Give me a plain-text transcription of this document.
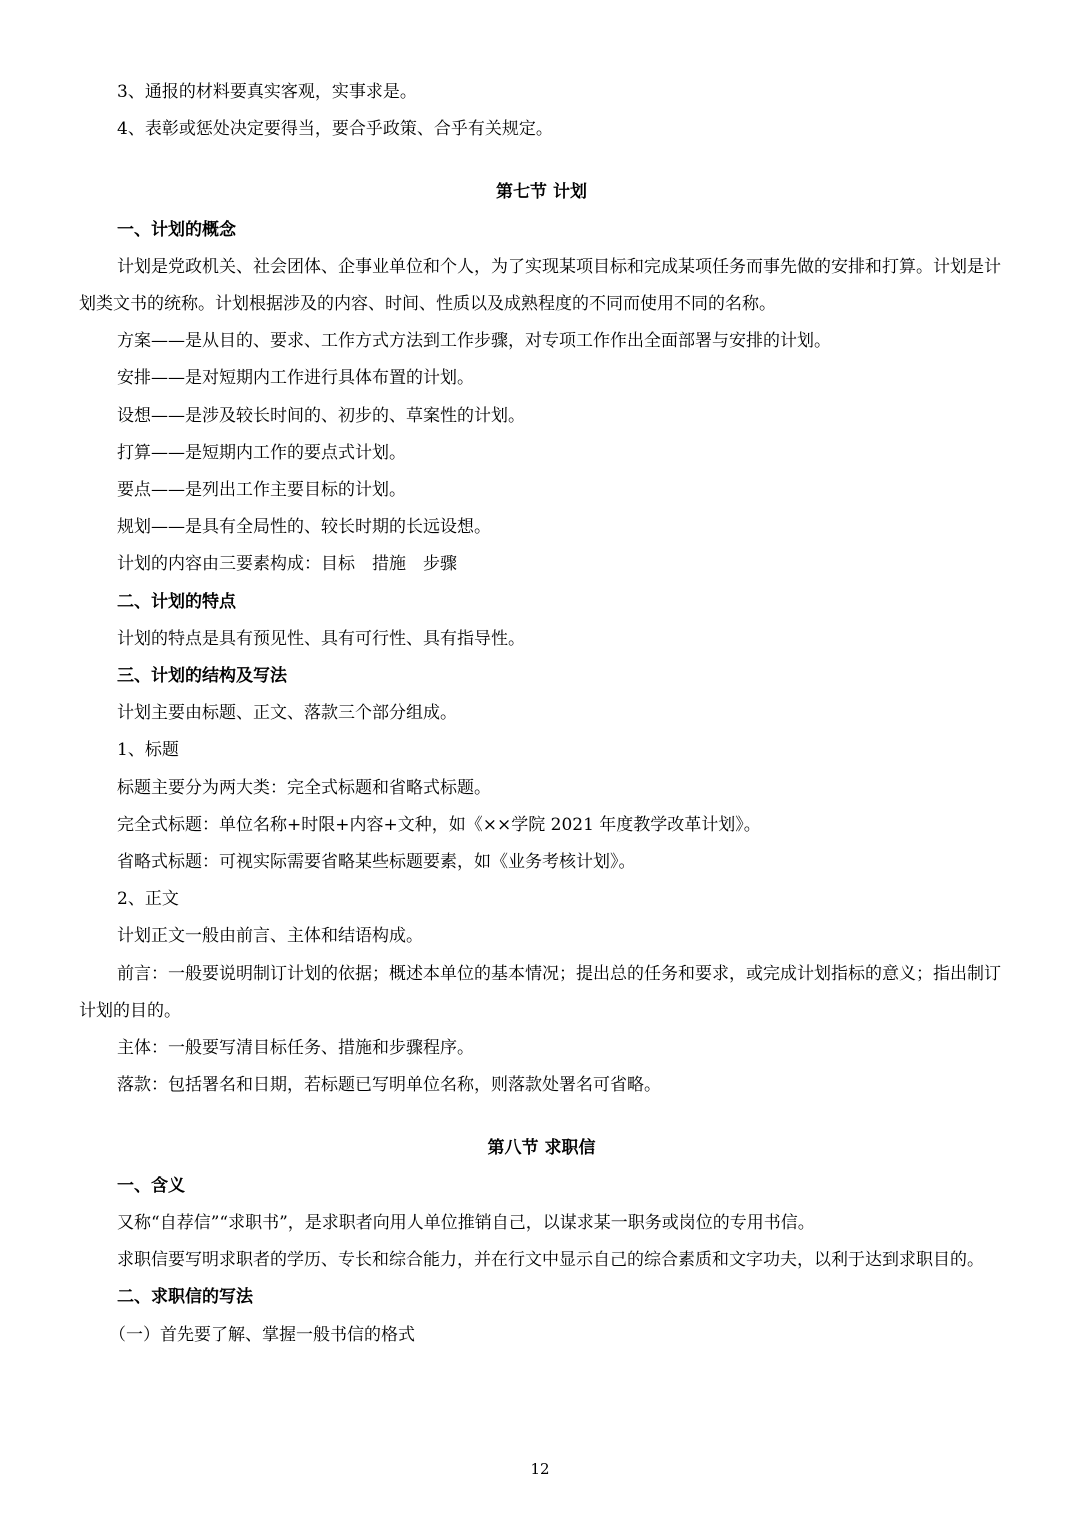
3、通报的材料要真实客观，实事求是。

4、表彰或惩处决定要得当，要合乎政策、合乎有关规定。

第七节 计划

一、计划的概念

计划是党政机关、社会团体、企事业单位和个人，为了实现某项目标和完成某项任务而事先做的安排和打算。计划是计划类文书的统称。计划根据涉及的内容、时间、性质以及成熟程度的不同而使用不同的名称。

方案——是从目的、要求、工作方式方法到工作步骤，对专项工作作出全面部署与安排的计划。

安排——是对短期内工作进行具体布置的计划。

设想——是涉及较长时间的、初步的、草案性的计划。

打算——是短期内工作的要点式计划。

要点——是列出工作主要目标的计划。

规划——是具有全局性的、较长时期的长远设想。

计划的内容由三要素构成：目标　措施　步骤

二、计划的特点

计划的特点是具有预见性、具有可行性、具有指导性。

三、计划的结构及写法

计划主要由标题、正文、落款三个部分组成。

1、标题

标题主要分为两大类：完全式标题和省略式标题。

完全式标题：单位名称+时限+内容+文种，如《××学院 2021 年度教学改革计划》。

省略式标题：可视实际需要省略某些标题要素，如《业务考核计划》。

2、正文

计划正文一般由前言、主体和结语构成。

前言：一般要说明制订计划的依据；概述本单位的基本情况；提出总的任务和要求，或完成计划指标的意义；指出制订计划的目的。

主体：一般要写清目标任务、措施和步骤程序。

落款：包括署名和日期，若标题已写明单位名称，则落款处署名可省略。

第八节 求职信

一、含义

又称“自荐信”“求职书”，是求职者向用人单位推销自己，以谋求某一职务或岗位的专用书信。

求职信要写明求职者的学历、专长和综合能力，并在行文中显示自己的综合素质和文字功夫，以利于达到求职目的。

二、求职信的写法

（一）首先要了解、掌握一般书信的格式

12
